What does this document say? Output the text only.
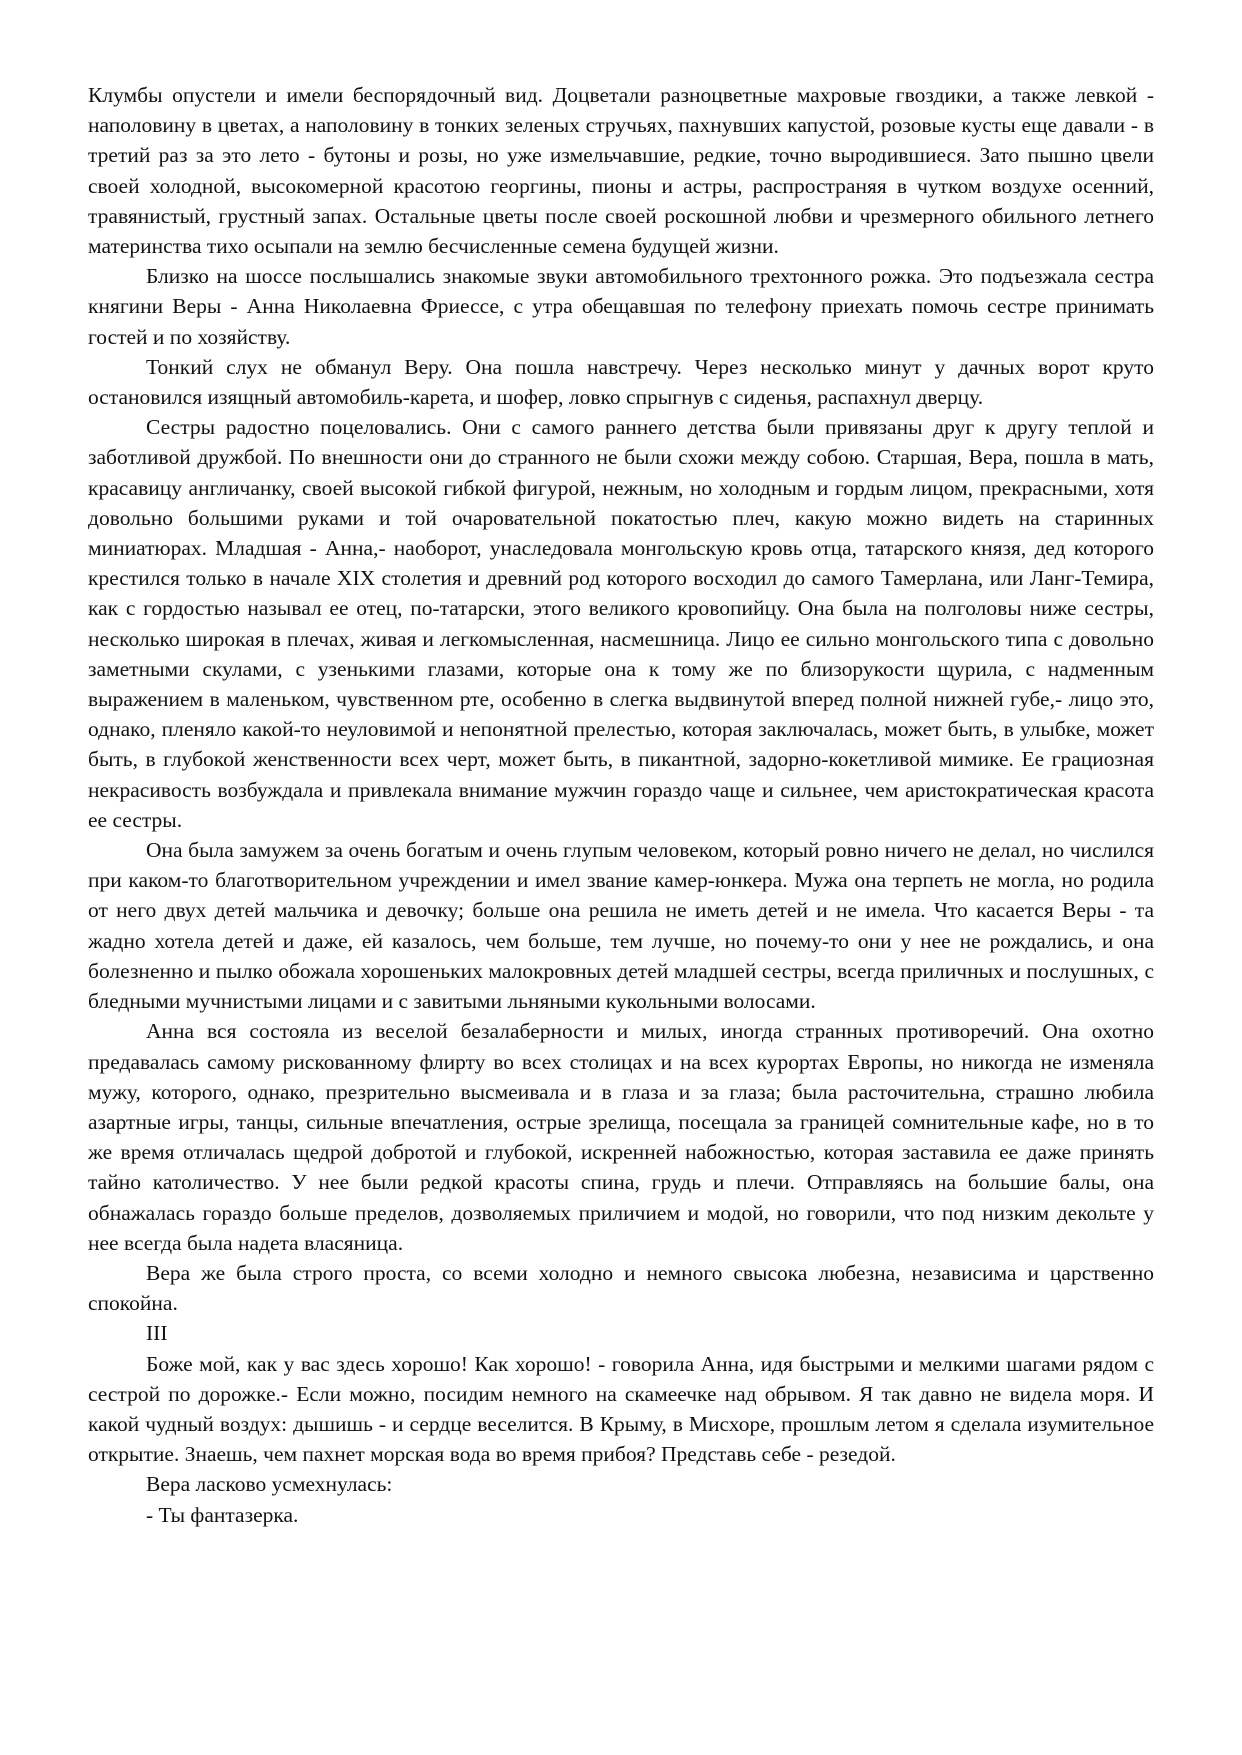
Клумбы опустели и имели беспорядочный вид. Доцветали разноцветные махровые гвоздики, а также левкой - наполовину в цветах, а наполовину в тонких зеленых стручьях, пахнувших капустой, розовые кусты еще давали - в третий раз за это лето - бутоны и розы, но уже измельчавшие, редкие, точно выродившиеся. Зато пышно цвели своей холодной, высокомерной красотою георгины, пионы и астры, распространяя в чутком воздухе осенний, травянистый, грустный запах. Остальные цветы после своей роскошной любви и чрезмерного обильного летнего материнства тихо осыпали на землю бесчисленные семена будущей жизни.

Близко на шоссе послышались знакомые звуки автомобильного трехтонного рожка. Это подъезжала сестра княгини Веры - Анна Николаевна Фриессе, с утра обещавшая по телефону приехать помочь сестре принимать гостей и по хозяйству.

Тонкий слух не обманул Веру. Она пошла навстречу. Через несколько минут у дачных ворот круто остановился изящный автомобиль-карета, и шофер, ловко спрыгнув с сиденья, распахнул дверцу.

Сестры радостно поцеловались. Они с самого раннего детства были привязаны друг к другу теплой и заботливой дружбой. По внешности они до странного не были схожи между собою. Старшая, Вера, пошла в мать, красавицу англичанку, своей высокой гибкой фигурой, нежным, но холодным и гордым лицом, прекрасными, хотя довольно большими руками и той очаровательной покатостью плеч, какую можно видеть на старинных миниатюрах. Младшая - Анна,- наоборот, унаследовала монгольскую кровь отца, татарского князя, дед которого крестился только в начале XIX столетия и древний род которого восходил до самого Тамерлана, или Ланг-Темира, как с гордостью называл ее отец, по-татарски, этого великого кровопийцу. Она была на полголовы ниже сестры, несколько широкая в плечах, живая и легкомысленная, насмешница. Лицо ее сильно монгольского типа с довольно заметными скулами, с узенькими глазами, которые она к тому же по близорукости щурила, с надменным выражением в маленьком, чувственном рте, особенно в слегка выдвинутой вперед полной нижней губе,- лицо это, однако, пленяло какой-то неуловимой и непонятной прелестью, которая заключалась, может быть, в улыбке, может быть, в глубокой женственности всех черт, может быть, в пикантной, задорно-кокетливой мимике. Ее грациозная некрасивость возбуждала и привлекала внимание мужчин гораздо чаще и сильнее, чем аристократическая красота ее сестры.

Она была замужем за очень богатым и очень глупым человеком, который ровно ничего не делал, но числился при каком-то благотворительном учреждении и имел звание камер-юнкера. Мужа она терпеть не могла, но родила от него двух детей мальчика и девочку; больше она решила не иметь детей и не имела. Что касается Веры - та жадно хотела детей и даже, ей казалось, чем больше, тем лучше, но почему-то они у нее не рождались, и она болезненно и пылко обожала хорошеньких малокровных детей младшей сестры, всегда приличных и послушных, с бледными мучнистыми лицами и с завитыми льняными кукольными волосами.

Анна вся состояла из веселой безалаберности и милых, иногда странных противоречий. Она охотно предавалась самому рискованному флирту во всех столицах и на всех курортах Европы, но никогда не изменяла мужу, которого, однако, презрительно высмеивала и в глаза и за глаза; была расточительна, страшно любила азартные игры, танцы, сильные впечатления, острые зрелища, посещала за границей сомнительные кафе, но в то же время отличалась щедрой добротой и глубокой, искренней набожностью, которая заставила ее даже принять тайно католичество. У нее были редкой красоты спина, грудь и плечи. Отправляясь на большие балы, она обнажалась гораздо больше пределов, дозволяемых приличием и модой, но говорили, что под низким декольте у нее всегда была надета власяница.

Вера же была строго проста, со всеми холодно и немного свысока любезна, независима и царственно спокойна.

III

Боже мой, как у вас здесь хорошо! Как хорошо! - говорила Анна, идя быстрыми и мелкими шагами рядом с сестрой по дорожке.- Если можно, посидим немного на скамеечке над обрывом. Я так давно не видела моря. И какой чудный воздух: дышишь - и сердце веселится. В Крыму, в Мисхоре, прошлым летом я сделала изумительное открытие. Знаешь, чем пахнет морская вода во время прибоя? Представь себе - резедой.

Вера ласково усмехнулась:

- Ты фантазерка.
